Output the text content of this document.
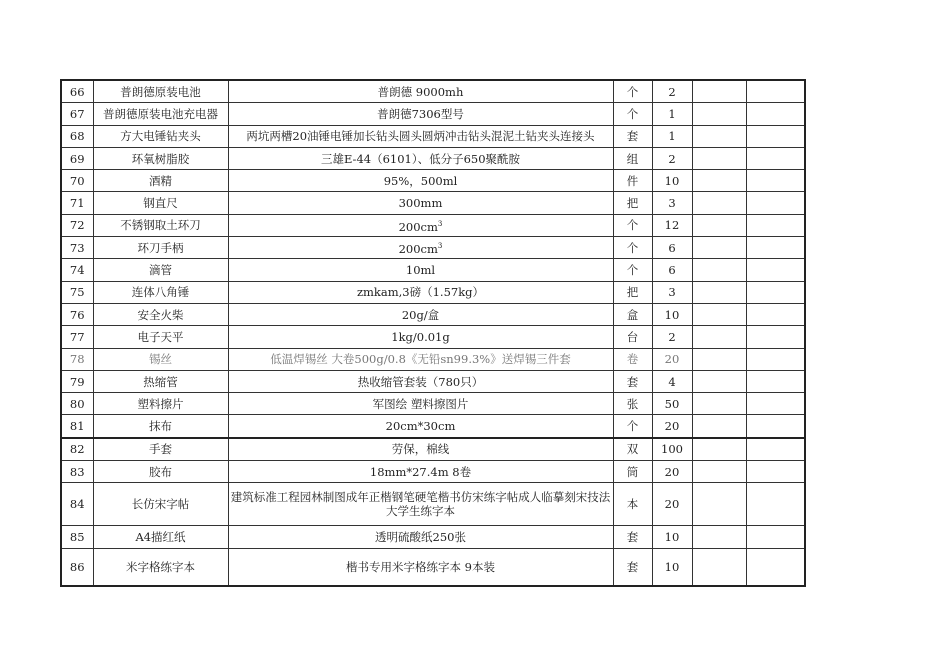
66	普朗德原装电池	普朗德 9000mh	个	2		
67	普朗德原装电池充电器	普朗德7306型号	个	1		
68	方大电锤钻夹头	两坑两槽20油锤电锤加长钻头圆头圆炳冲击钻头混泥土钻夹头连接头	套	1		
69	环氧树脂胶	三雄E-44（6101）、低分子650聚酰胺	组	2		
70	酒精	95%，500ml	件	10		
71	钢直尺	300mm	把	3		
72	不锈钢取土环刀	$200cm^3$	个	12		
73	环刀手柄	$200cm^3$	个	6		
74	滴管	10ml	个	6		
75	连体八角锤	zmkam,3磅（1.57kg）	把	3		
76	安全火柴	20g/盒	盒	10		
77	电子天平	1kg/0.01g	台	2		
78	锡丝	低温焊锡丝 大卷500g/0.8《无铅sn99.3%》送焊锡三件套	卷	20		
79	热缩管	热收缩管套装（780只）	套	4		
80	塑料擦片	军图绘 塑料擦图片	张	50		
81	抹布	20cm*30cm	个	20		
82	手套	劳保，棉线	双	100		
83	胶布	18mm*27.4m 8卷	筒	20		
84	长仿宋字帖	建筑标准工程园林制图成年正楷钢笔硬笔楷书仿宋练字帖成人临摹刻宋技法大学生练字本	本	20		
85	A4描红纸	透明硫酸纸250张	套	10		
86	米字格练字本	楷书专用米字格练字本 9本装	套	10		
